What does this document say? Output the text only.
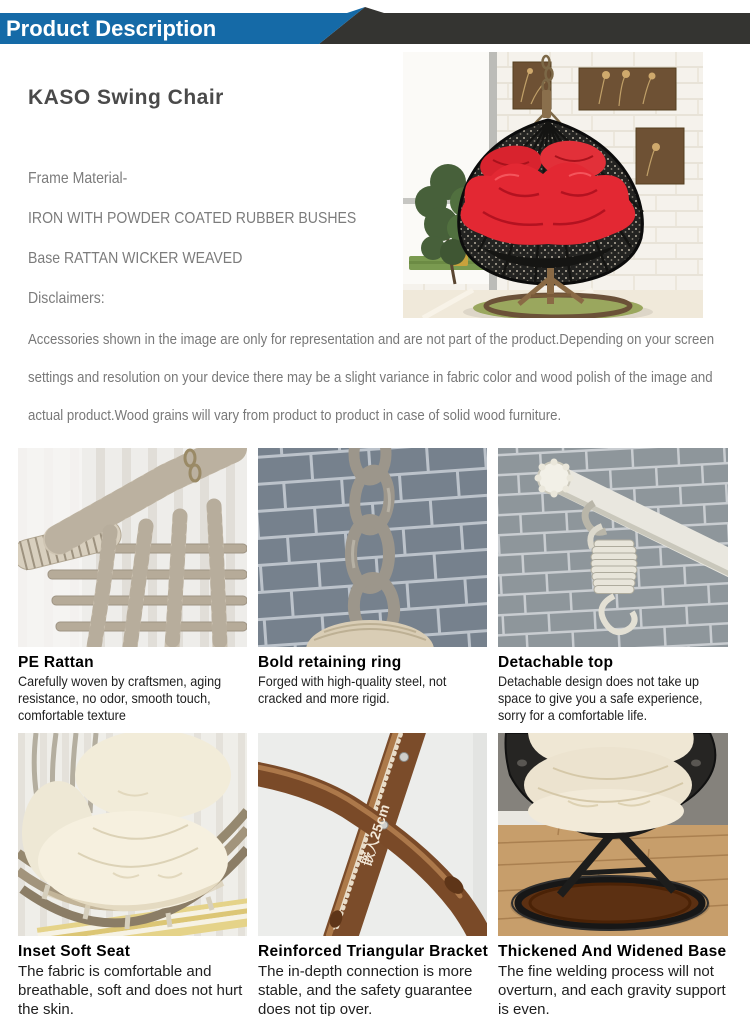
Product Description
KASO Swing Chair
Frame Material-
IRON WITH POWDER COATED RUBBER BUSHES
Base RATTAN WICKER WEAVED
Disclaimers:
Accessories shown in the image are only for representation and are not part of the product.Depending on your screen
settings and resolution on your device there may be a slight variance in fabric color and wood polish of the image and
actual product.Wood grains will vary from product to product in case of solid wood furniture.
PE Rattan
Carefully woven by craftsmen, aging resistance, no odor, smooth touch, comfortable texture
Bold retaining ring
Forged with high-quality steel, not cracked and more rigid.
Detachable top
Detachable design does not take up space to give you a safe experience, sorry for a comfortable life.
Inset Soft Seat
The fabric is comfortable and breathable, soft and does not hurt the skin.
嵌入25cm
Reinforced Triangular Bracket
The in-depth connection is more stable, and the safety guarantee does not tip over.
Thickened And Widened Base
The fine welding process will not overturn, and each gravity support is even.
